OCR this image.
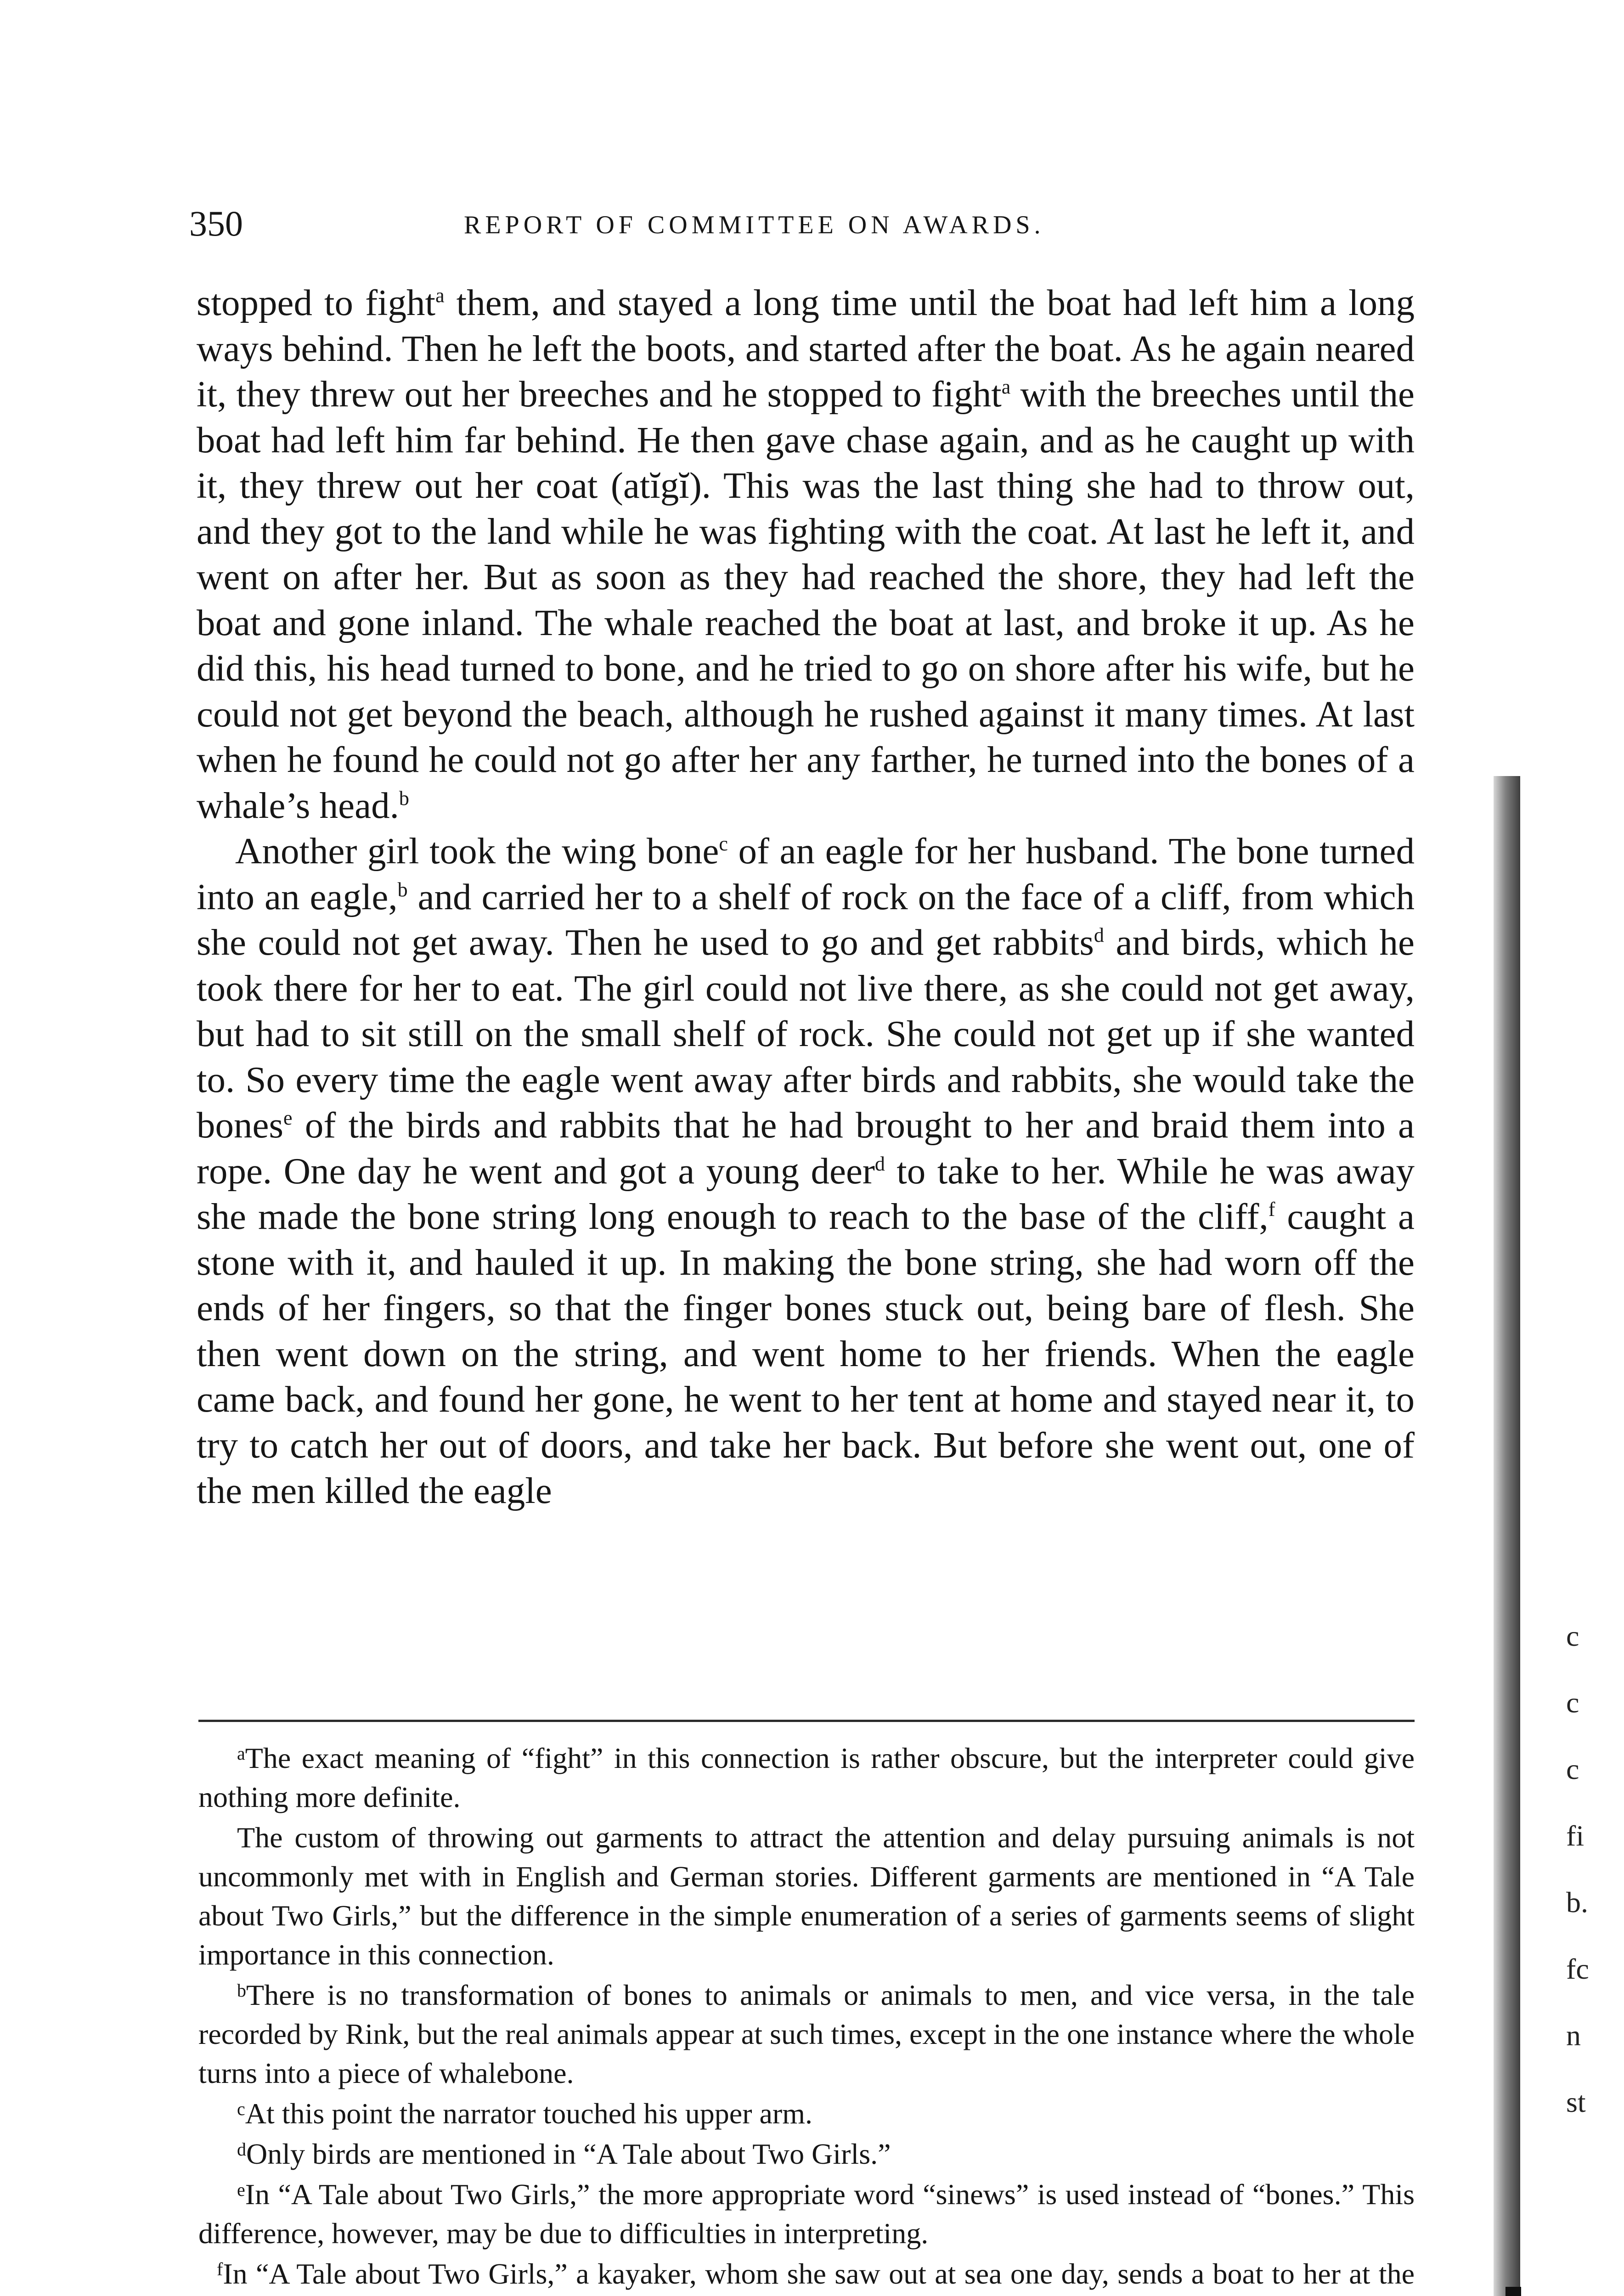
350	REPORT OF COMMITTEE ON AWARDS.

stopped to fight$^a$ them, and stayed a long time until the boat had left him a long ways behind. Then he left the boots, and started after the boat. As he again neared it, they threw out her breeches and he stopped to fight$^a$ with the breeches until the boat had left him far behind. He then gave chase again, and as he caught up with it, they threw out her coat (atĭgĭ). This was the last thing she had to throw out, and they got to the land while he was fighting with the coat. At last he left it, and went on after her. But as soon as they had reached the shore, they had left the boat and gone inland. The whale reached the boat at last, and broke it up. As he did this, his head turned to bone, and he tried to go on shore after his wife, but he could not get beyond the beach, although he rushed against it many times. At last when he found he could not go after her any farther, he turned into the bones of a whale’s head.$^b$

Another girl took the wing bone$^c$ of an eagle for her husband. The bone turned into an eagle,$^b$ and carried her to a shelf of rock on the face of a cliff, from which she could not get away. Then he used to go and get rabbits$^d$ and birds, which he took there for her to eat. The girl could not live there, as she could not get away, but had to sit still on the small shelf of rock. She could not get up if she wanted to. So every time the eagle went away after birds and rabbits, she would take the bones$^e$ of the birds and rabbits that he had brought to her and braid them into a rope. One day he went and got a young deer$^d$ to take to her. While he was away she made the bone string long enough to reach to the base of the cliff,$^f$ caught a stone with it, and hauled it up. In making the bone string, she had worn off the ends of her fingers, so that the finger bones stuck out, being bare of flesh. She then went down on the string, and went home to her friends. When the eagle came back, and found her gone, he went to her tent at home and stayed near it, to try to catch her out of doors, and take her back. But before she went out, one of the men killed the eagle

$^a$The exact meaning of “fight” in this connection is rather obscure, but the interpreter could give nothing more definite.

The custom of throwing out garments to attract the attention and delay pursuing animals is not uncommonly met with in English and German stories. Different garments are mentioned in “A Tale about Two Girls,” but the difference in the simple enumeration of a series of garments seems of slight importance in this connection.

$^b$There is no transformation of bones to animals or animals to men, and vice versa, in the tale recorded by Rink, but the real animals appear at such times, except in the one instance where the whole turns into a piece of whalebone.

$^c$At this point the narrator touched his upper arm.

$^d$Only birds are mentioned in “A Tale about Two Girls.”

$^e$In “A Tale about Two Girls,” the more appropriate word “sinews” is used instead of “bones.” This difference, however, may be due to difficulties in interpreting.

$^f$In “A Tale about Two Girls,” a kayaker, whom she saw out at sea one day, sends a boat to her at the

c
c
c
fi
b.
fc
n
st
